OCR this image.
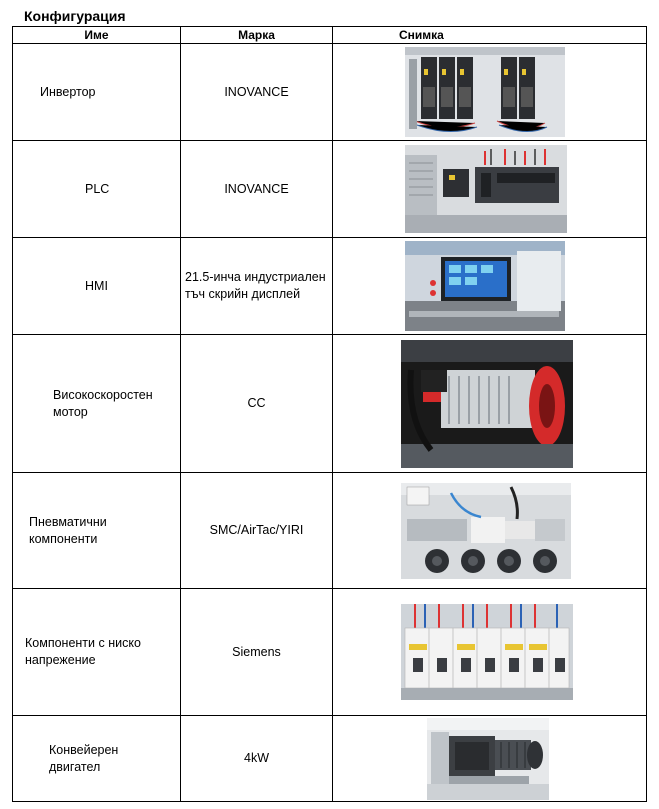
Конфигурация
Име	Марка	Снимка
Инвертор	INOVANCE	

PLC	INOVANCE	

HMI	21.5-инча индустриален тъч скрийн дисплей	

Високоскоростен мотор	CC	

Пневматични компоненти	SMC/AirTac/YIRI	

Компоненти с ниско напрежение	Siemens	

Конвейерен двигател	4kW	
